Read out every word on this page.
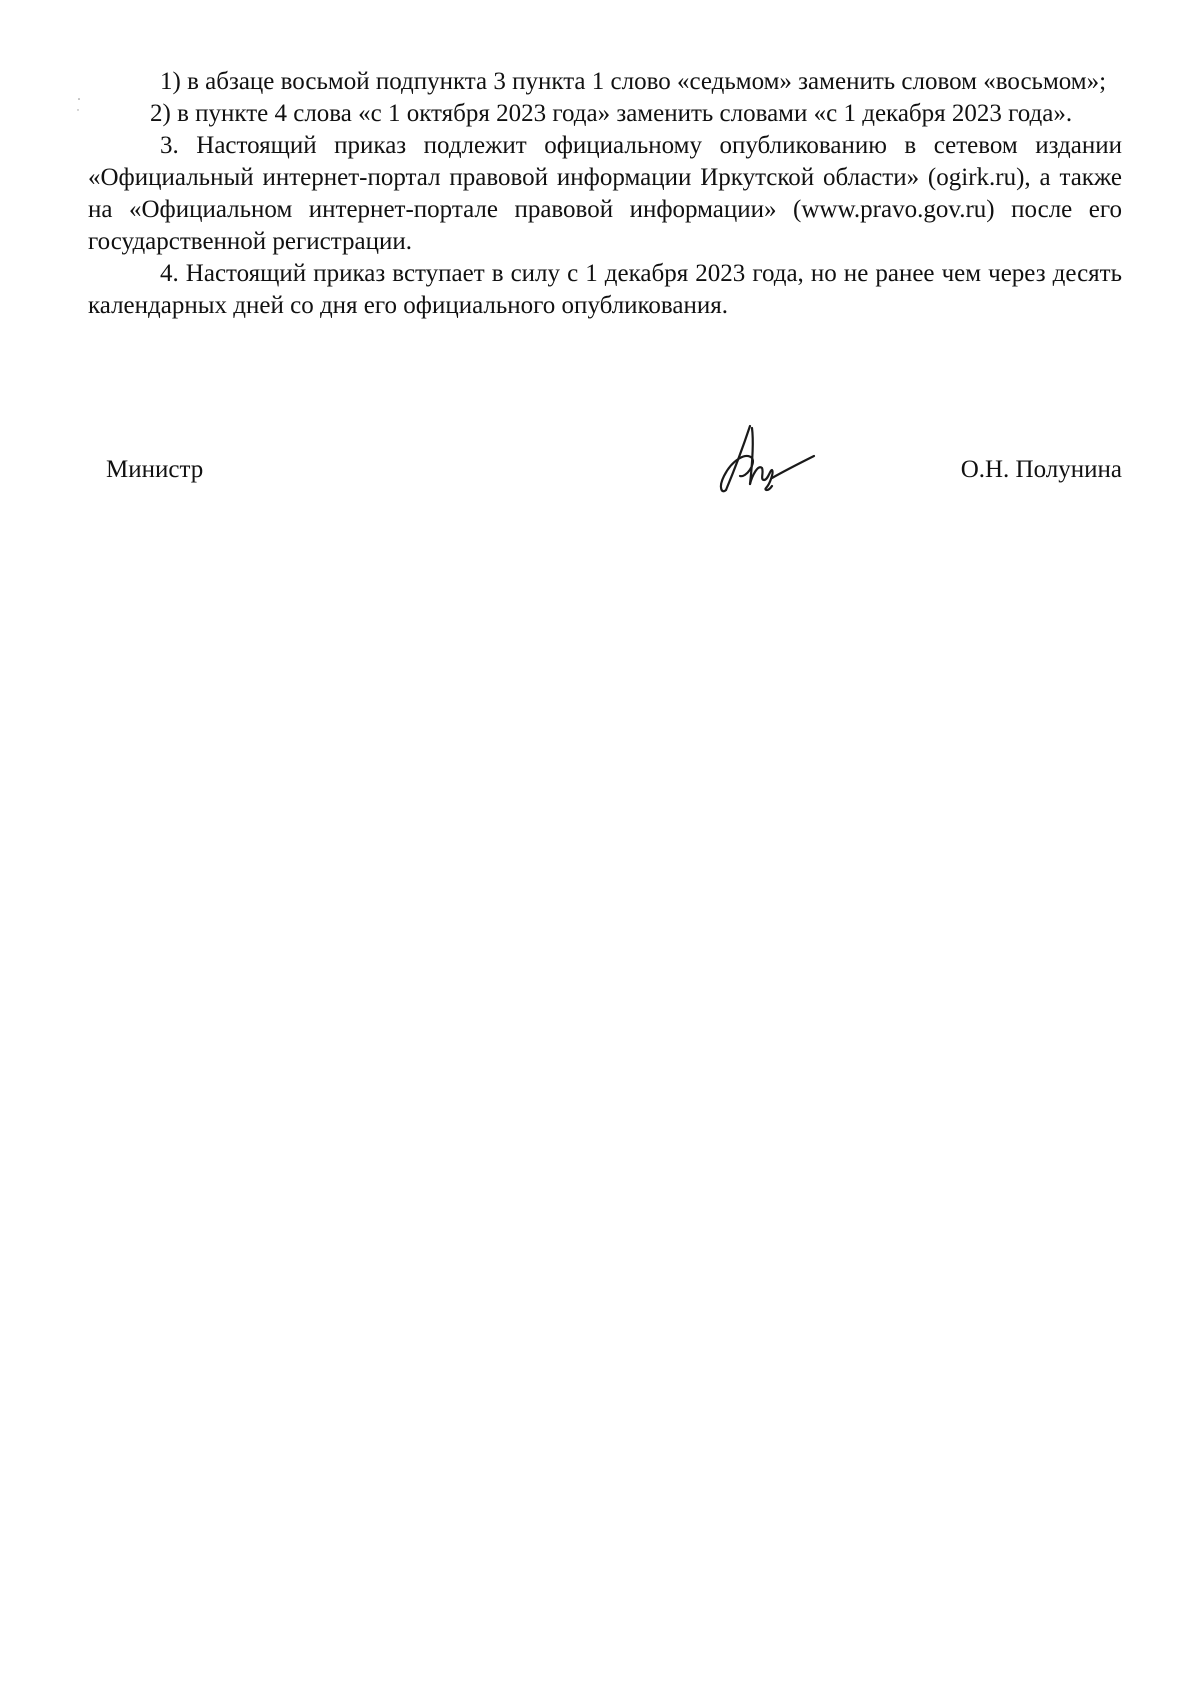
1) в абзаце восьмой подпункта 3 пункта 1 слово «седьмом» заменить словом «восьмом»;

2) в пункте 4 слова «с 1 октября 2023 года» заменить словами «с 1 декабря 2023 года».

3. Настоящий приказ подлежит официальному опубликованию в сетевом издании «Официальный интернет-портал правовой информации Иркутской области» (ogirk.ru), а также на «Официальном интернет-портале правовой информации» (www.pravo.gov.ru) после его государственной регистрации.

4. Настоящий приказ вступает в силу с 1 декабря 2023 года, но не ранее чем через десять календарных дней со дня его официального опубликования.

Министр	О.Н. Полунина
